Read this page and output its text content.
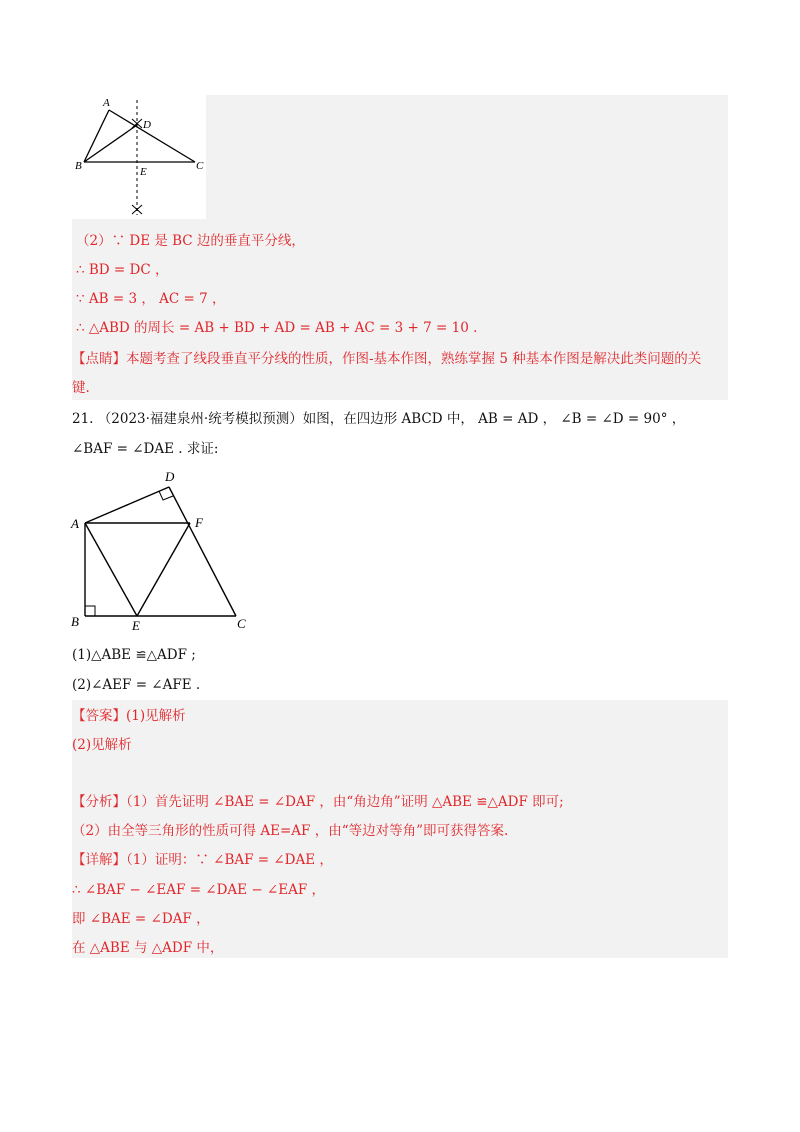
A
B	C
D
E
（2）∵ DE 是 BC 边的垂直平分线，
∴ BD = DC ，
∵ AB = 3 ， AC = 7 ，
∴ △ABD 的周长 = AB + BD + AD = AB + AC = 3 + 7 = 10 .
【点睛】本题考查了线段垂直平分线的性质，作图-基本作图，熟练掌握 5 种基本作图是解决此类问题的关
键.
21. （2023·福建泉州·统考模拟预测）如图，在四边形 ABCD 中， AB = AD ， ∠B = ∠D = 90° ，
∠BAF = ∠DAE . 求证:
A
B	C
D
E
F
(1)△ABE ≌△ADF ;
(2)∠AEF = ∠AFE .
【答案】(1)见解析
(2)见解析
【分析】（1）首先证明 ∠BAE = ∠DAF ，由“角边角”证明 △ABE ≌△ADF 即可;
（2）由全等三角形的性质可得 AE=AF ，由“等边对等角”即可获得答案.
【详解】（1）证明：∵ ∠BAF = ∠DAE ，
∴ ∠BAF − ∠EAF = ∠DAE − ∠EAF ，
即 ∠BAE = ∠DAF ，
在 △ABE 与 △ADF 中，
